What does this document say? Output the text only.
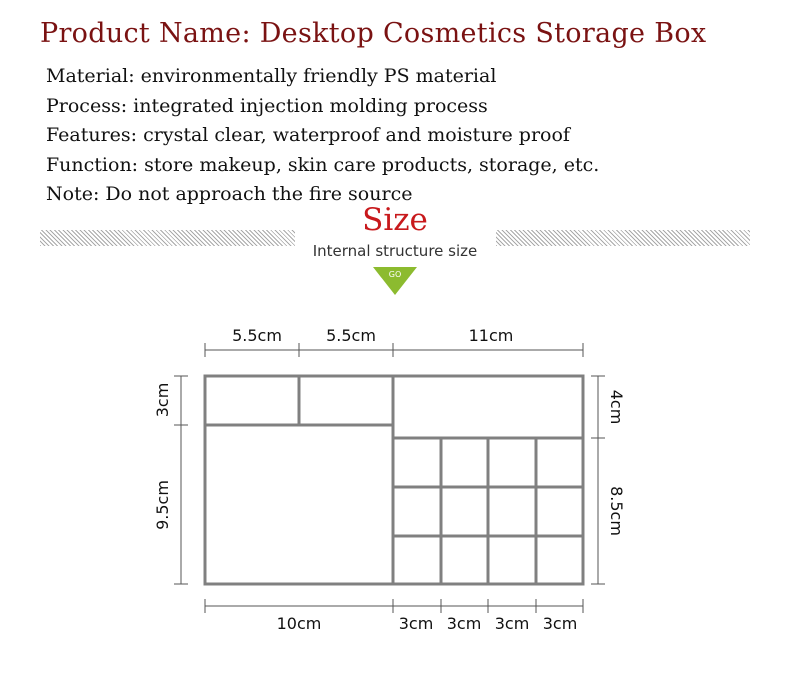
Product Name: Desktop Cosmetics Storage Box
Material: environmentally friendly PS material
Process: integrated injection molding process
Features: crystal clear, waterproof and moisture proof
Function: store makeup, skin care products, storage, etc.
Note: Do not approach the fire source
Size
Internal structure size
GO
5.5cm	5.5cm	11cm
10cm	3cm 3cm 3cm 3cm
3cm
9.5cm
4cm
8.5cm
